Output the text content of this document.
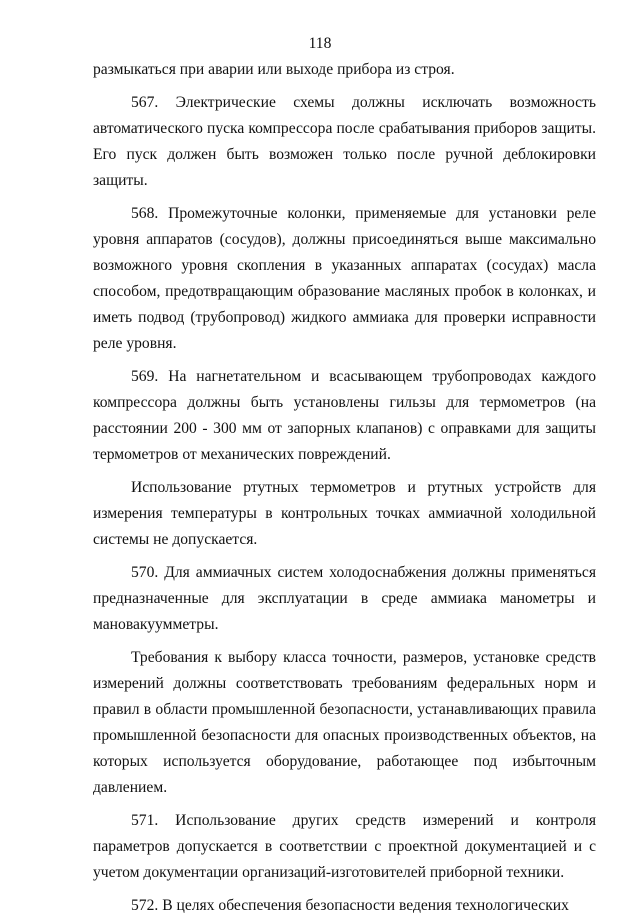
118

размыкаться при аварии или выходе прибора из строя.

567. Электрические схемы должны исключать возможность автоматического пуска компрессора после срабатывания приборов защиты. Его пуск должен быть возможен только после ручной деблокировки защиты.

568. Промежуточные колонки, применяемые для установки реле уровня аппаратов (сосудов), должны присоединяться выше максимально возможного уровня скопления в указанных аппаратах (сосудах) масла способом, предотвращающим образование масляных пробок в колонках, и иметь подвод (трубопровод) жидкого аммиака для проверки исправности реле уровня.

569. На нагнетательном и всасывающем трубопроводах каждого компрессора должны быть установлены гильзы для термометров (на расстоянии 200 - 300 мм от запорных клапанов) с оправками для защиты термометров от механических повреждений.

Использование ртутных термометров и ртутных устройств для измерения температуры в контрольных точках аммиачной холодильной системы не допускается.

570. Для аммиачных систем холодоснабжения должны применяться предназначенные для эксплуатации в среде аммиака манометры и мановакуумметры.

Требования к выбору класса точности, размеров, установке средств измерений должны соответствовать требованиям федеральных норм и правил в области промышленной безопасности, устанавливающих правила промышленной безопасности для опасных производственных объектов, на которых используется оборудование, работающее под избыточным давлением.

571. Использование других средств измерений и контроля параметров допускается в соответствии с проектной документацией и с учетом документации организаций-изготовителей приборной техники.

572. В целях обеспечения безопасности ведения технологических
